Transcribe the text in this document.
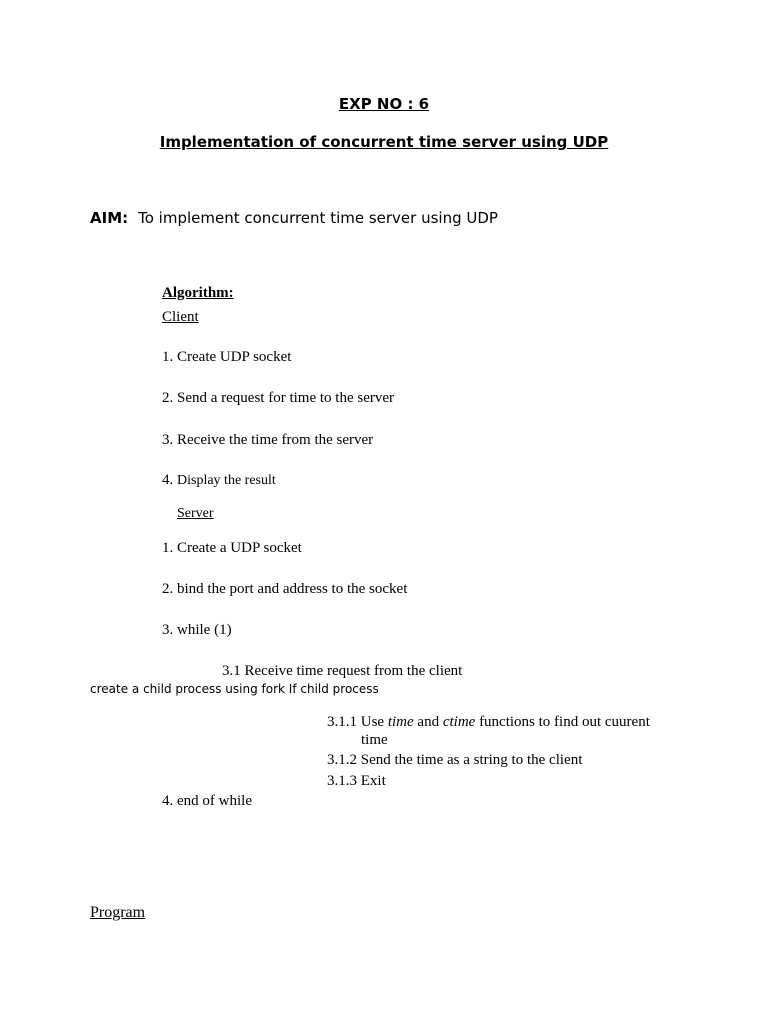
EXP NO : 6
Implementation of concurrent time server using UDP
AIM: To implement concurrent time server using UDP
Algorithm:
Client
1. Create UDP socket
2. Send a request for time to the server
3. Receive the time from the server
4. Display the result
Server
1. Create a UDP socket
2. bind the port and address to the socket
3. while (1)
3.1 Receive time request from the client
create a child process using fork If child process
3.1.1 Use time and ctime functions to find out cuurent
time
3.1.2 Send the time as a string to the client
3.1.3 Exit
4. end of while
Program
